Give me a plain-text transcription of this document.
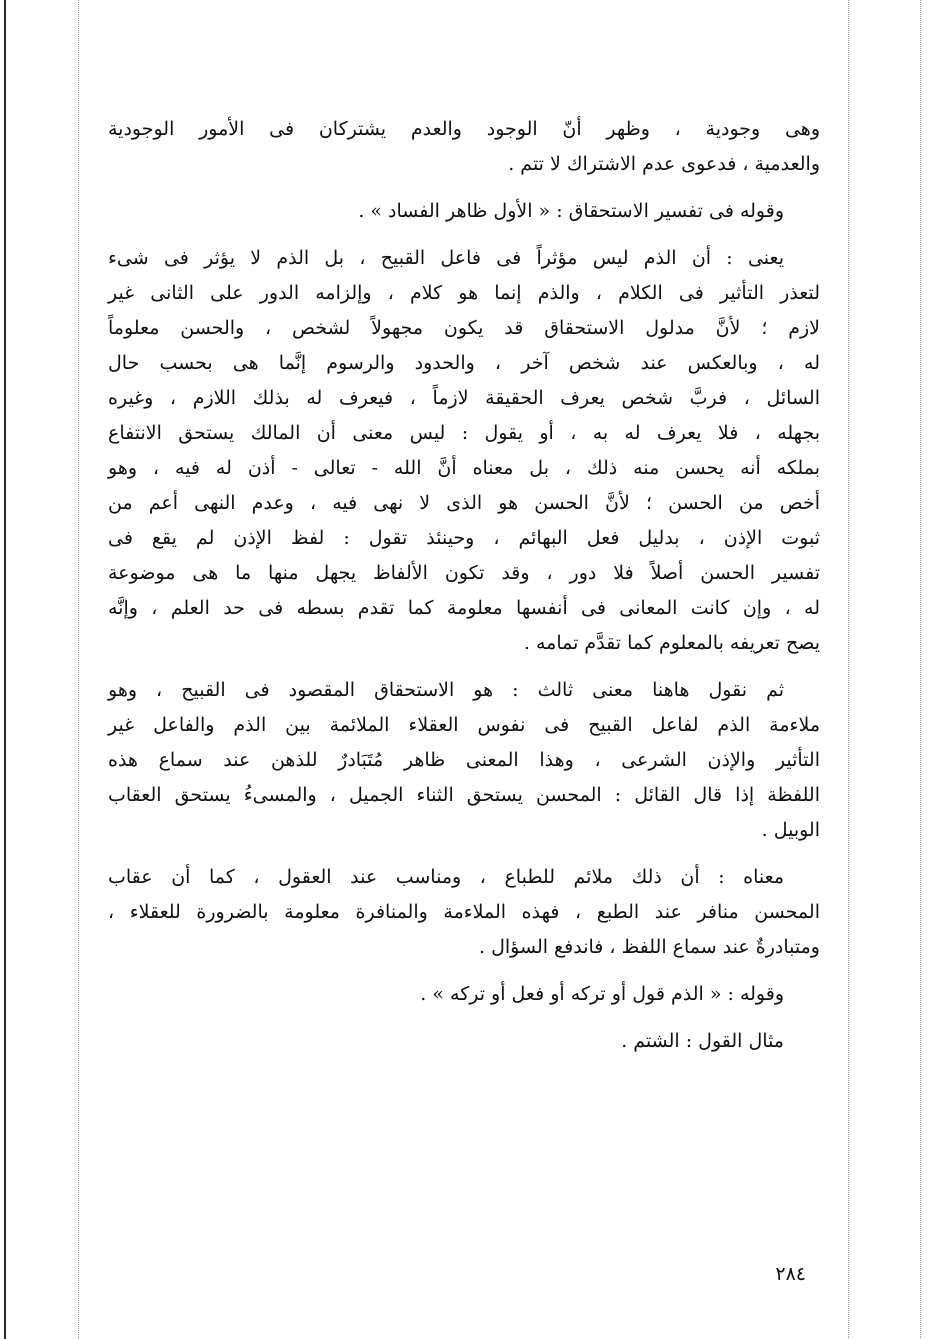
وهى وجودية ، وظهر أنّ الوجود والعدم يشتركان فى الأمور الوجودية
والعدمية ، فدعوى عدم الاشتراك لا تتم .
وقوله فى تفسير الاستحقاق : « الأول ظاهر الفساد » .
يعنى : أن الذم ليس مؤثراً فى فاعل القبيح ، بل الذم لا يؤثر فى شىء
لتعذر التأثير فى الكلام ، والذم إنما هو كلام ، وإلزامه الدور على الثانى غير
لازم ؛ لأنَّ مدلول الاستحقاق قد يكون مجهولاً لشخص ، والحسن معلوماً
له ، وبالعكس عند شخص آخر ، والحدود والرسوم إنَّما هى بحسب حال
السائل ، فربَّ شخص يعرف الحقيقة لازماً ، فيعرف له بذلك اللازم ، وغيره
بجهله ، فلا يعرف له به ، أو يقول : ليس معنى أن المالك يستحق الانتفاع
بملكه أنه يحسن منه ذلك ، بل معناه أنَّ الله - تعالى - أذن له فيه ، وهو
أخص من الحسن ؛ لأنَّ الحسن هو الذى لا نهى فيه ، وعدم النهى أعم من
ثبوت الإذن ، بدليل فعل البهائم ، وحينئذ تقول : لفظ الإذن لم يقع فى
تفسير الحسن أصلاً فلا دور ، وقد تكون الألفاظ يجهل منها ما هى موضوعة
له ، وإن كانت المعانى فى أنفسها معلومة كما تقدم بسطه فى حد العلم ، وإنَّه
يصح تعريفه بالمعلوم كما تقدَّم تمامه .
ثم نقول هاهنا معنى ثالث : هو الاستحقاق المقصود فى القبيح ، وهو
ملاءمة الذم لفاعل القبيح فى نفوس العقلاء الملائمة بين الذم والفاعل غير
التأثير والإذن الشرعى ، وهذا المعنى ظاهر مُتَبَادرٌ للذهن عند سماع هذه
اللفظة إذا قال القائل : المحسن يستحق الثناء الجميل ، والمسىءُ يستحق العقاب
الوبيل .
معناه : أن ذلك ملائم للطباع ، ومناسب عند العقول ، كما أن عقاب
المحسن منافر عند الطبع ، فهذه الملاءمة والمنافرة معلومة بالضرورة للعقلاء ،
ومتبادرةٌ عند سماع اللفظ ، فاندفع السؤال .
وقوله : « الذم قول أو تركه أو فعل أو تركه » .
مثال القول : الشتم .
٢٨٤
